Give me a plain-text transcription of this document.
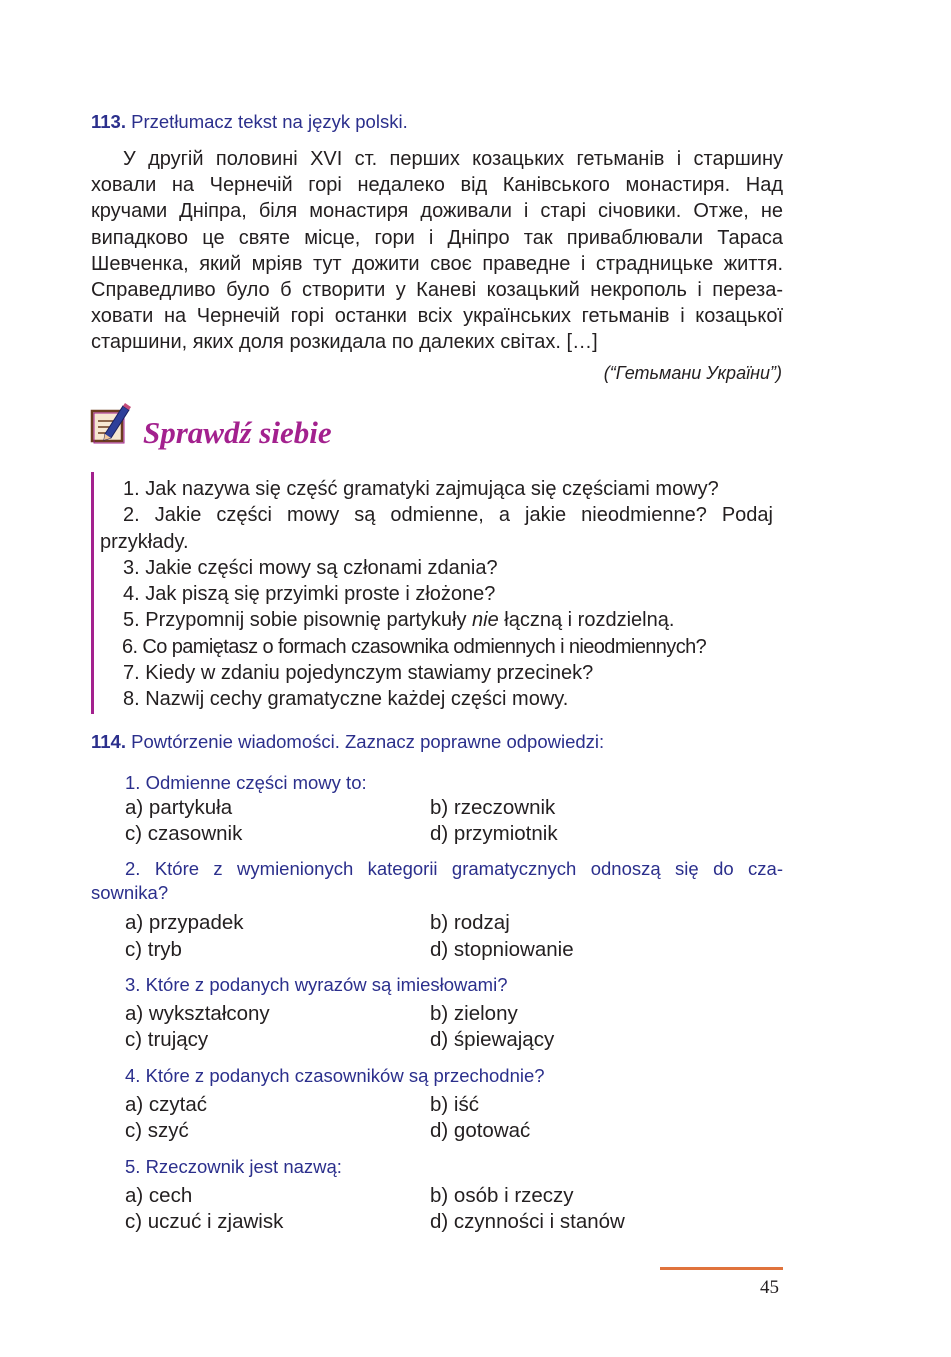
113. Przetłumacz tekst na język polski.
У другій половині XVI ст. перших козацьких гетьманів і старшину
ховали на Чернечій горі недалеко від Канівського монастиря. Над
кручами Дніпра, біля монастиря доживали і старі січовики. Отже, не
випадково це святе місце, гори і Дніпро так приваблювали Тараса
Шевченка, який мріяв тут дожити своє праведне і страдницьке життя.
Справедливо було б створити у Каневі козацький некрополь і переза-
ховати на Чернечій горі останки всіх українських гетьманів і козацької
старшини, яких доля розкидала по далеких світах. […]
(“Гетьмани України”)
Sprawdź siebie
1. Jak nazywa się część gramatyki zajmująca się częściami mowy?
2. Jakie części mowy są odmienne, a jakie nieodmienne? Podaj
przykłady.
3. Jakie części mowy są członami zdania?
4. Jak piszą się przyimki proste i złożone?
5. Przypomnij sobie pisownię partykuły nie łączną i rozdzielną.
6. Co pamiętasz o formach czasownika odmiennych i nieodmiennych?
7. Kiedy w zdaniu pojedynczym stawiamy przecinek?
8. Nazwij cechy gramatyczne każdej części mowy.
114. Powtórzenie wiadomości. Zaznacz poprawne odpowiedzi:
1. Odmienne części mowy to:
a) partykuła	b) rzeczownik
c) czasownik	d) przymiotnik
2. Które z wymienionych kategorii gramatycznych odnoszą się do cza-
sownika?
a) przypadek	b) rodzaj
c) tryb	d) stopniowanie
3. Które z podanych wyrazów są imiesłowami?
a) wykształcony	b) zielony
c) trujący	d) śpiewający
4. Które z podanych czasowników są przechodnie?
a) czytać	b) iść
c) szyć	d) gotować
5. Rzeczownik jest nazwą:
a) cech	b) osób i rzeczy
c) uczuć i zjawisk	d) czynności i stanów
45
